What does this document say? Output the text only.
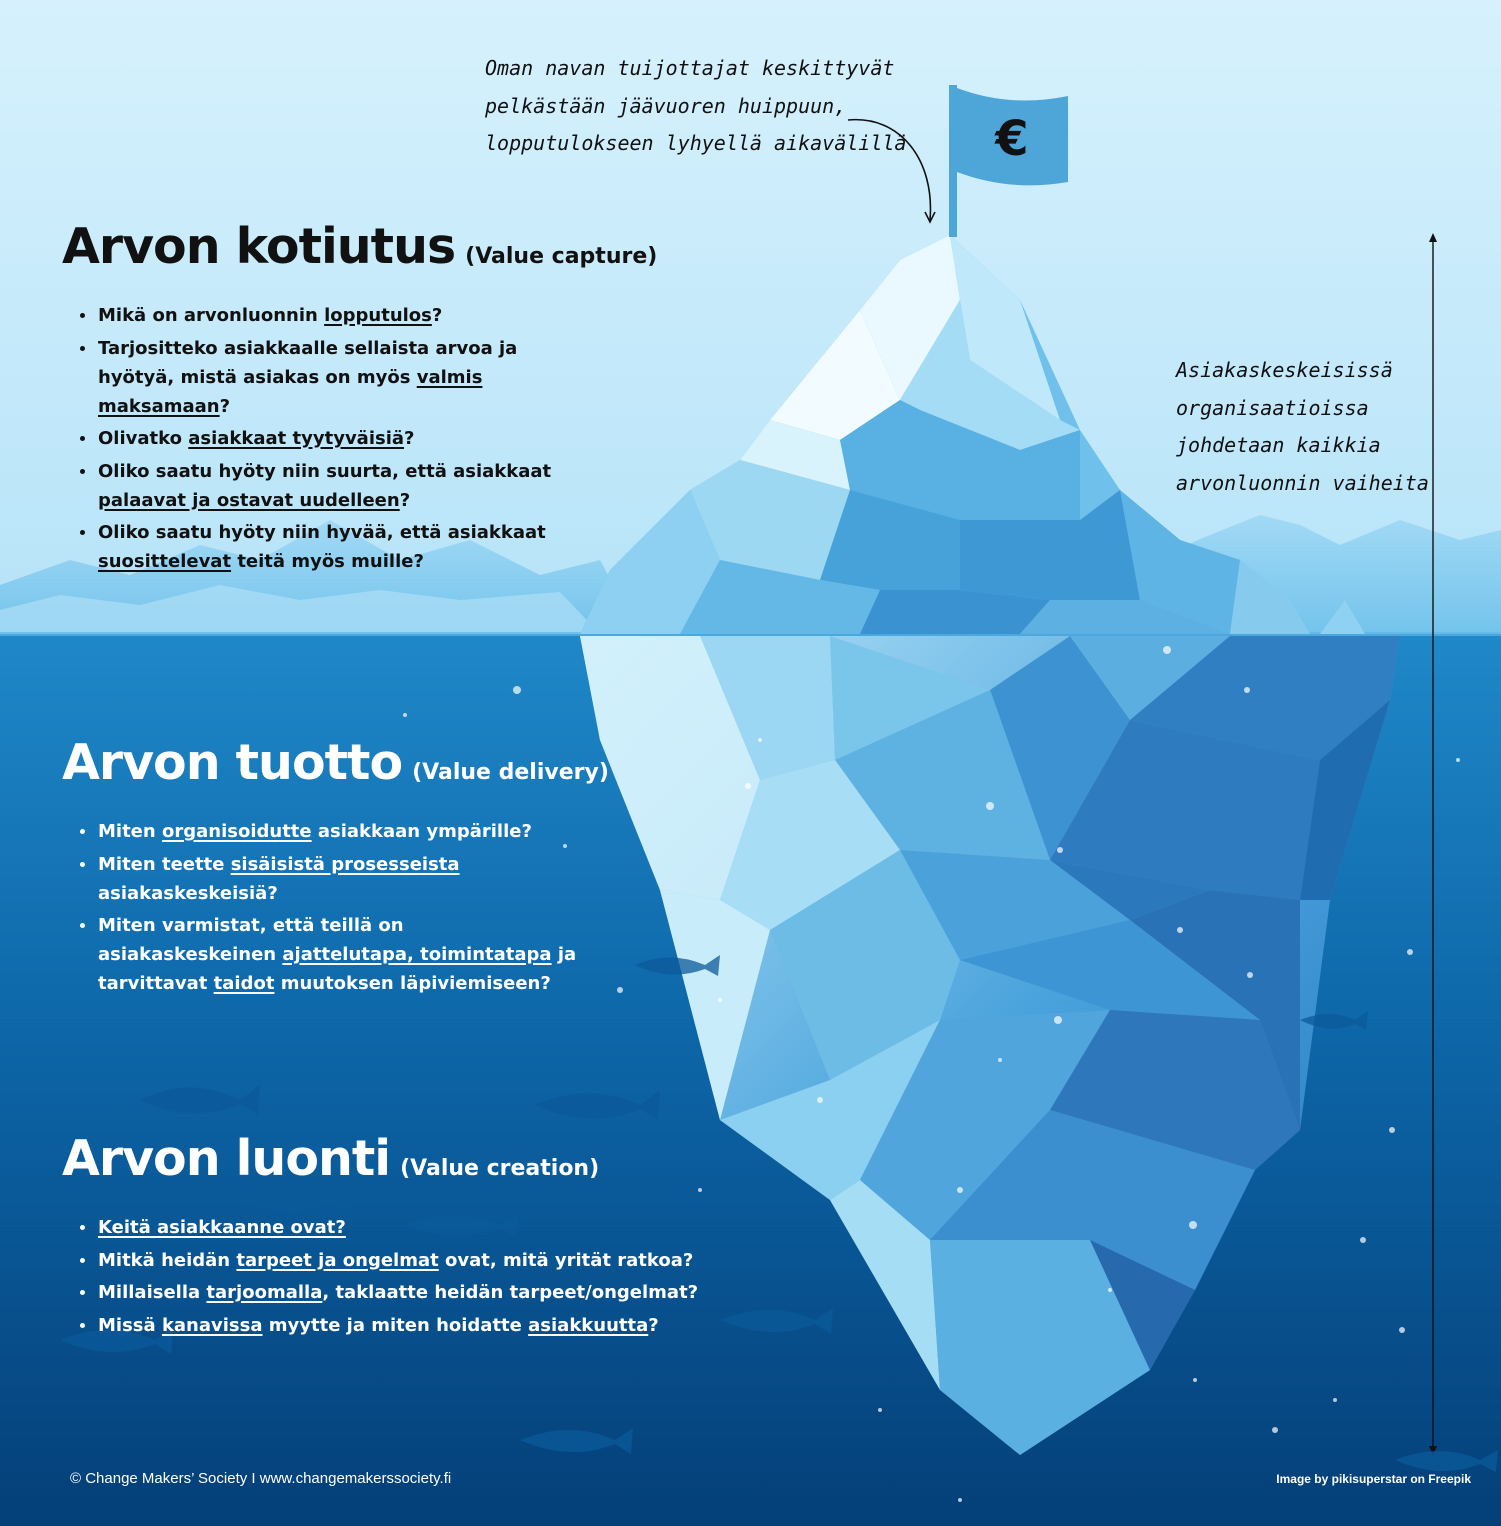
€
Oman navan tuijottajat keskittyvät
pelkästään jäävuoren huippuun,
lopputulokseen lyhyellä aikavälillä
Asiakaskeskeisissä
organisaatioissa
johdetaan kaikkia
arvonluonnin vaiheita
Arvon kotiutus (Value capture)
Mikä on arvonluonnin lopputulos?
Tarjositteko asiakkaalle sellaista arvoa ja hyötyä, mistä asiakas on myös valmis maksamaan?
Olivatko asiakkaat tyytyväisiä?
Oliko saatu hyöty niin suurta, että asiakkaat palaavat ja ostavat uudelleen?
Oliko saatu hyöty niin hyvää, että asiakkaat suosittelevat teitä myös muille?
Arvon tuotto (Value delivery)
Miten organisoidutte asiakkaan ympärille?
Miten teette sisäisistä prosesseista asiakaskeskeisiä?
Miten varmistat, että teillä on asiakaskeskeinen ajattelutapa, toimintatapa ja tarvittavat taidot muutoksen läpiviemiseen?
Arvon luonti (Value creation)
Keitä asiakkaanne ovat?
Mitkä heidän tarpeet ja ongelmat ovat, mitä yrität ratkoa?
Millaisella tarjoomalla, taklaatte heidän tarpeet/ongelmat?
Missä kanavissa myytte ja miten hoidatte asiakkuutta?
© Change Makers’ Society I www.changemakerssociety.fi	Image by pikisuperstar on Freepik
